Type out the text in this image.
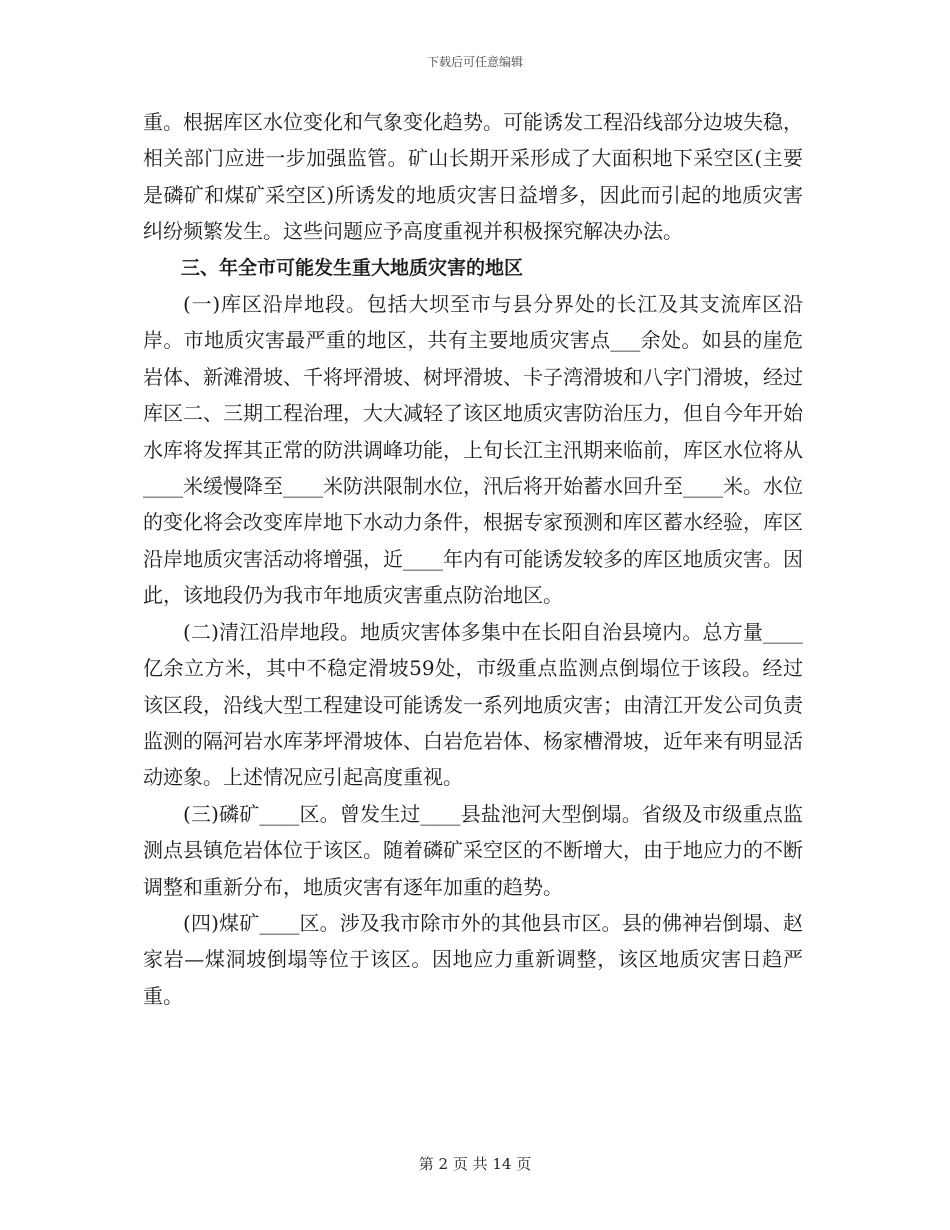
下载后可任意编辑

重。根据库区水位变化和气象变化趋势。可能诱发工程沿线部分边坡失稳，相关部门应进一步加强监管。矿山长期开采形成了大面积地下采空区(主要是磷矿和煤矿采空区)所诱发的地质灾害日益增多，因此而引起的地质灾害纠纷频繁发生。这些问题应予高度重视并积极探究解决办法。

三、年全市可能发生重大地质灾害的地区

(一)库区沿岸地段。包括大坝至市与县分界处的长江及其支流库区沿岸。市地质灾害最严重的地区，共有主要地质灾害点___余处。如县的崖危岩体、新滩滑坡、千将坪滑坡、树坪滑坡、卡子湾滑坡和八字门滑坡，经过库区二、三期工程治理，大大减轻了该区地质灾害防治压力，但自今年开始水库将发挥其正常的防洪调峰功能，上旬长江主汛期来临前，库区水位将从____米缓慢降至____米防洪限制水位，汛后将开始蓄水回升至____米。水位的变化将会改变库岸地下水动力条件，根据专家预测和库区蓄水经验，库区沿岸地质灾害活动将增强，近____年内有可能诱发较多的库区地质灾害。因此，该地段仍为我市年地质灾害重点防治地区。

(二)清江沿岸地段。地质灾害体多集中在长阳自治县境内。总方量____亿余立方米，其中不稳定滑坡59处，市级重点监测点倒塌位于该段。经过该区段，沿线大型工程建设可能诱发一系列地质灾害；由清江开发公司负责监测的隔河岩水库茅坪滑坡体、白岩危岩体、杨家槽滑坡，近年来有明显活动迹象。上述情况应引起高度重视。

(三)磷矿____区。曾发生过____县盐池河大型倒塌。省级及市级重点监测点县镇危岩体位于该区。随着磷矿采空区的不断增大，由于地应力的不断调整和重新分布，地质灾害有逐年加重的趋势。

(四)煤矿____区。涉及我市除市外的其他县市区。县的佛神岩倒塌、赵家岩—煤洞坡倒塌等位于该区。因地应力重新调整，该区地质灾害日趋严重。

第 2 页 共 14 页
